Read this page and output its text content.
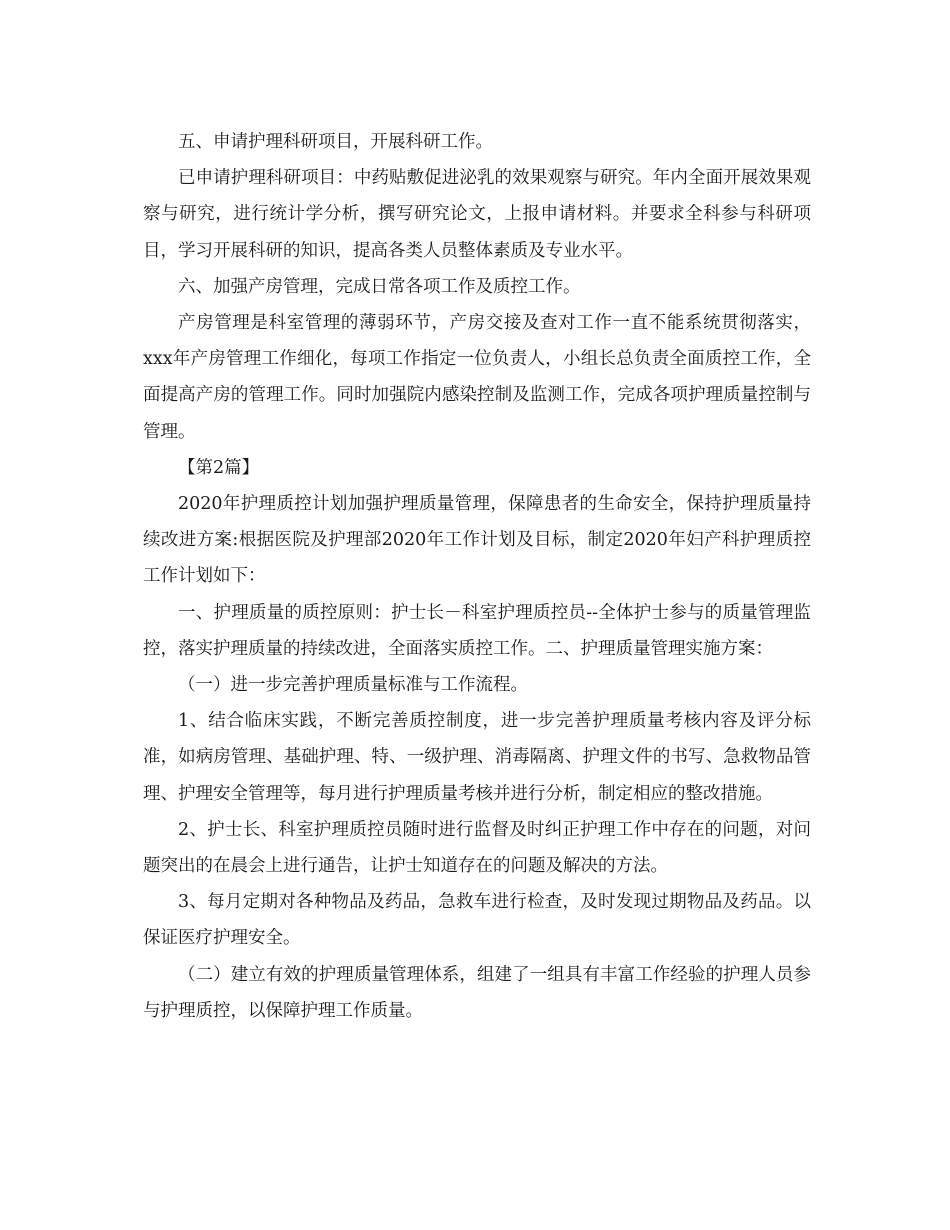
五、申请护理科研项目，开展科研工作。

已申请护理科研项目：中药贴敷促进泌乳的效果观察与研究。年内全面开展效果观察与研究，进行统计学分析，撰写研究论文，上报申请材料。并要求全科参与科研项目，学习开展科研的知识，提高各类人员整体素质及专业水平。

六、加强产房管理，完成日常各项工作及质控工作。

产房管理是科室管理的薄弱环节，产房交接及查对工作一直不能系统贯彻落实，xxx年产房管理工作细化，每项工作指定一位负责人，小组长总负责全面质控工作，全面提高产房的管理工作。同时加强院内感染控制及监测工作，完成各项护理质量控制与管理。

【第2篇】

2020年护理质控计划加强护理质量管理，保障患者的生命安全，保持护理质量持续改进方案:根据医院及护理部2020年工作计划及目标，制定2020年妇产科护理质控工作计划如下：

一、护理质量的质控原则：护士长－科室护理质控员--全体护士参与的质量管理监控，落实护理质量的持续改进，全面落实质控工作。二、护理质量管理实施方案：

（一）进一步完善护理质量标准与工作流程。

1、结合临床实践，不断完善质控制度，进一步完善护理质量考核内容及评分标准，如病房管理、基础护理、特、一级护理、消毒隔离、护理文件的书写、急救物品管理、护理安全管理等，每月进行护理质量考核并进行分析，制定相应的整改措施。

2、护士长、科室护理质控员随时进行监督及时纠正护理工作中存在的问题，对问题突出的在晨会上进行通告，让护士知道存在的问题及解决的方法。

3、每月定期对各种物品及药品，急救车进行检查，及时发现过期物品及药品。以保证医疗护理安全。

（二）建立有效的护理质量管理体系，组建了一组具有丰富工作经验的护理人员参与护理质控，以保障护理工作质量。
